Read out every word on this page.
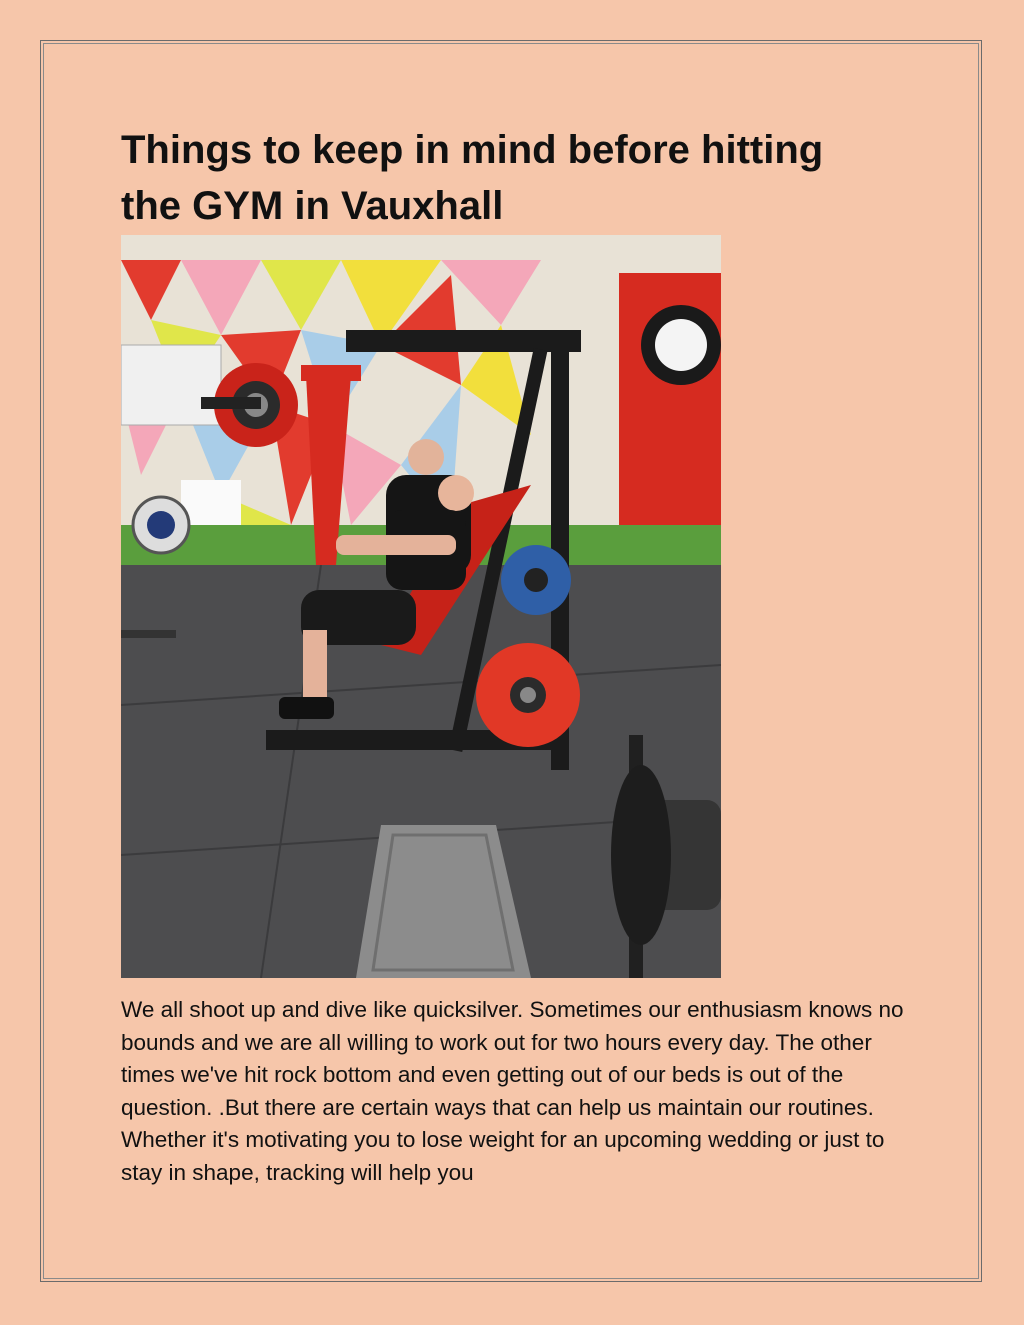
Things to keep in mind before hitting the GYM in Vauxhall

We all shoot up and dive like quicksilver. Sometimes our enthusiasm knows no bounds and we are all willing to work out for two hours every day. The other times we've hit rock bottom and even getting out of our beds is out of the question. .But there are certain ways that can help us maintain our routines. Whether it's motivating you to lose weight for an upcoming wedding or just to stay in shape, tracking will help you
